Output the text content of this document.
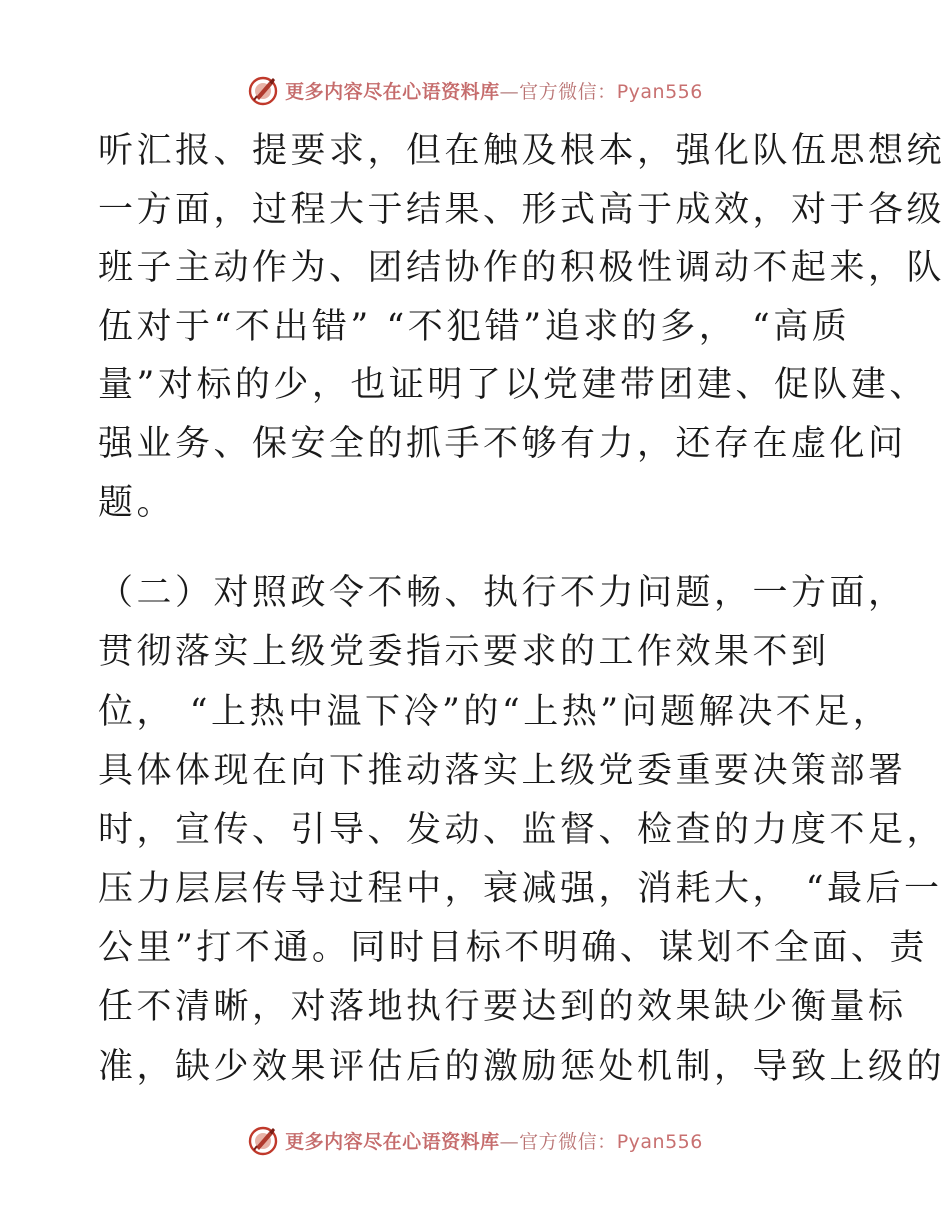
更多内容尽在心语资料库—官方微信：Pyan556
听汇报、提要求，但在触及根本，强化队伍思想统
一方面，过程大于结果、形式高于成效，对于各级
班子主动作为、团结协作的积极性调动不起来，队
伍对于“不出错” “不犯错”追求的多， “高质
量”对标的少，也证明了以党建带团建、促队建、
强业务、保安全的抓手不够有力，还存在虚化问
题。
（二）对照政令不畅、执行不力问题，一方面，
贯彻落实上级党委指示要求的工作效果不到
位， “上热中温下冷”的“上热”问题解决不足，
具体体现在向下推动落实上级党委重要决策部署
时，宣传、引导、发动、监督、检查的力度不足，
压力层层传导过程中，衰减强，消耗大， “最后一
公里”打不通。同时目标不明确、谋划不全面、责
任不清晰，对落地执行要达到的效果缺少衡量标
准，缺少效果评估后的激励惩处机制，导致上级的
更多内容尽在心语资料库—官方微信：Pyan556
